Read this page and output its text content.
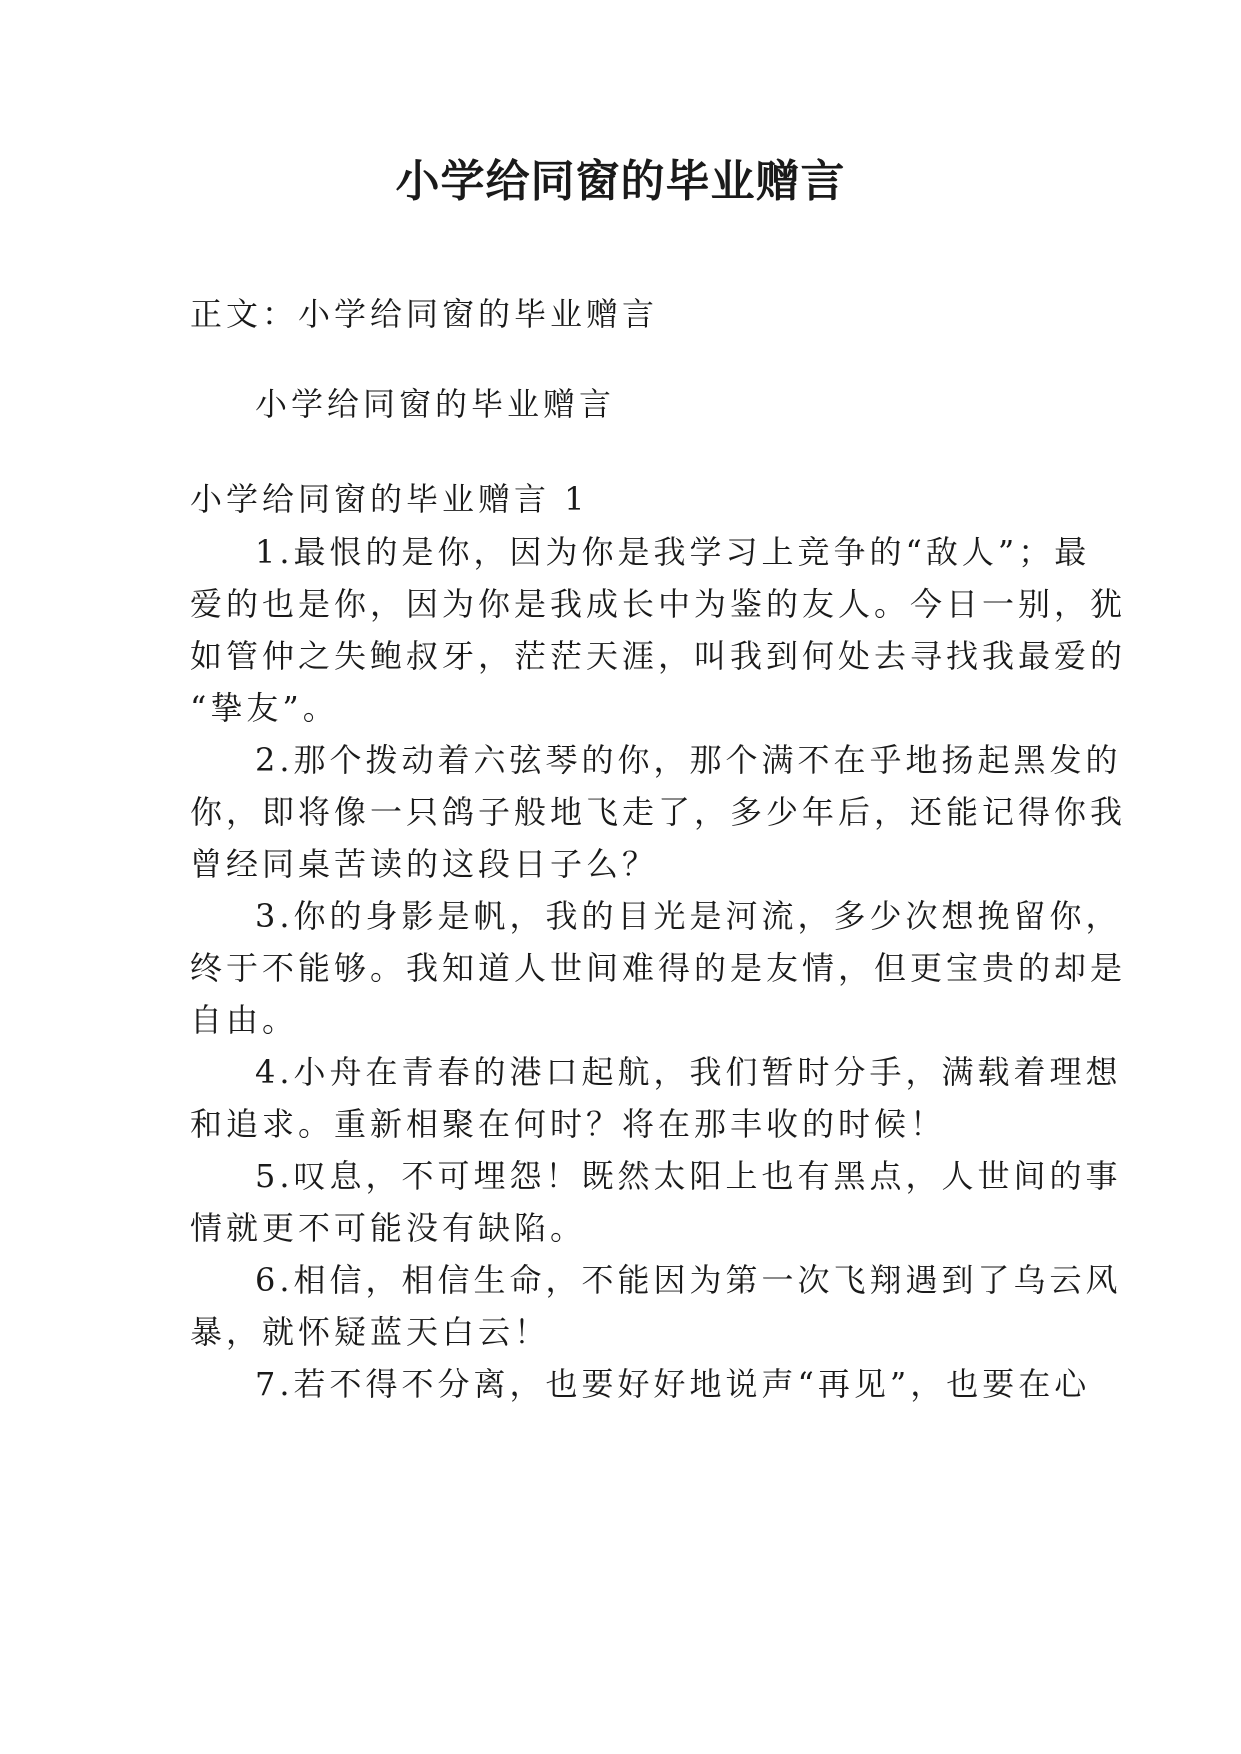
小学给同窗的毕业赠言
正文：小学给同窗的毕业赠言
小学给同窗的毕业赠言
小学给同窗的毕业赠言 1
1.最恨的是你，因为你是我学习上竞争的“敌人”；最
爱的也是你，因为你是我成长中为鉴的友人。今日一别，犹
如管仲之失鲍叔牙，茫茫天涯，叫我到何处去寻找我最爱的
“挚友”。
2.那个拨动着六弦琴的你，那个满不在乎地扬起黑发的
你，即将像一只鸽子般地飞走了，多少年后，还能记得你我
曾经同桌苦读的这段日子么？
3.你的身影是帆，我的目光是河流，多少次想挽留你，
终于不能够。我知道人世间难得的是友情，但更宝贵的却是
自由。
4.小舟在青春的港口起航，我们暂时分手，满载着理想
和追求。重新相聚在何时？将在那丰收的时候！
5.叹息，不可埋怨！既然太阳上也有黑点，人世间的事
情就更不可能没有缺陷。
6.相信，相信生命，不能因为第一次飞翔遇到了乌云风
暴，就怀疑蓝天白云！
7.若不得不分离，也要好好地说声“再见”，也要在心
